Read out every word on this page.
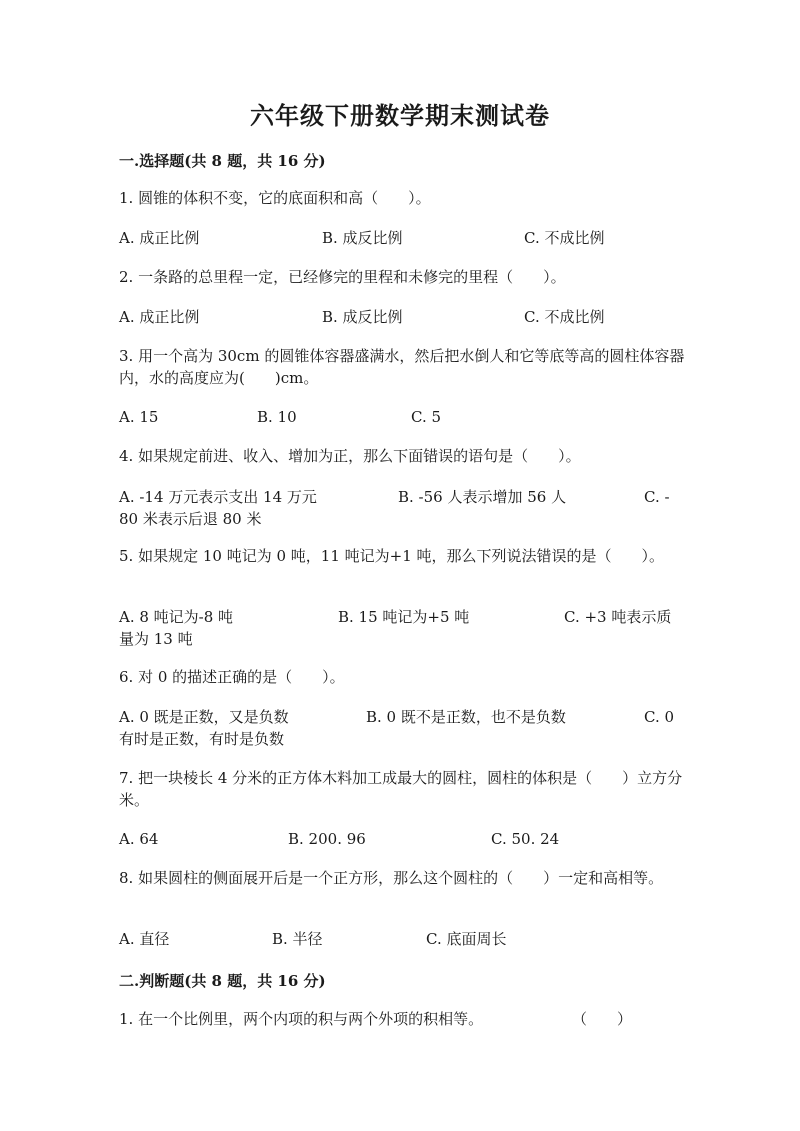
六年级下册数学期末测试卷
一.选择题(共 8 题，共 16 分)
1. 圆锥的体积不变，它的底面积和高（　　）。
A. 成正比例	B. 成反比例	C. 不成比例
2. 一条路的总里程一定，已经修完的里程和未修完的里程（　　）。
A. 成正比例	B. 成反比例	C. 不成比例
3. 用一个高为 30cm 的圆锥体容器盛满水，然后把水倒人和它等底等高的圆柱体容器内，水的高度应为(　　)cm。
A. 15	B. 10	C. 5
4. 如果规定前进、收入、增加为正，那么下面错误的语句是（　　）。
A. -14 万元表示支出 14 万元	B. -56 人表示增加 56 人	C. -
80 米表示后退 80 米
5. 如果规定 10 吨记为 0 吨，11 吨记为+1 吨，那么下列说法错误的是（　　）。
A. 8 吨记为-8 吨	B. 15 吨记为+5 吨	C. +3 吨表示质
量为 13 吨
6. 对 0 的描述正确的是（　　）。
A. 0 既是正数，又是负数	B. 0 既不是正数，也不是负数	C. 0
有时是正数，有时是负数
7. 把一块棱长 4 分米的正方体木料加工成最大的圆柱，圆柱的体积是（　　）立方分米。
A. 64	B. 200. 96	C. 50. 24
8. 如果圆柱的侧面展开后是一个正方形，那么这个圆柱的（　　）一定和高相等。
A. 直径	B. 半径	C. 底面周长
二.判断题(共 8 题，共 16 分)
1. 在一个比例里，两个内项的积与两个外项的积相等。	（　　）
